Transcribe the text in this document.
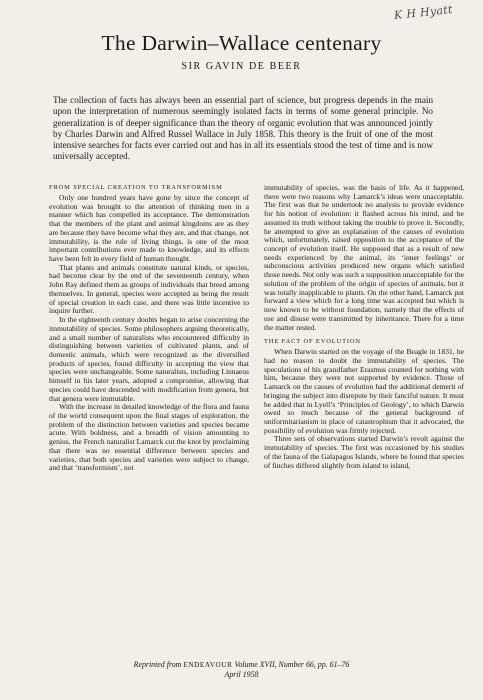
K H Hyatt
The Darwin–Wallace centenary
SIR GAVIN DE BEER

The collection of facts has always been an essential part of science, but progress depends in the main upon the interpretation of numerous seemingly isolated facts in terms of some general principle. No generalization is of deeper significance than the theory of organic evolution that was announced jointly by Charles Darwin and Alfred Russel Wallace in July 1858. This theory is the fruit of one of the most intensive searches for facts ever carried out and has in all its essentials stood the test of time and is now universally accepted.

FROM SPECIAL CREATION TO TRANSFORMISM

Only one hundred years have gone by since the concept of evolution was brought to the attention of thinking men in a manner which has compelled its acceptance. The demonstration that the members of the plant and animal kingdoms are as they are because they have become what they are, and that change, not immutability, is the rule of living things, is one of the most important contributions ever made to knowledge, and its effects have been felt in every field of human thought.

That plants and animals constitute natural kinds, or species, had become clear by the end of the seventeenth century, when John Ray defined them as groups of individuals that breed among themselves. In general, species were accepted as being the result of special creation in each case, and there was little incentive to inquire further.

In the eighteenth century doubts began to arise concerning the immutability of species. Some philosophers arguing theoretically, and a small number of naturalists who encountered difficulty in distinguishing between varieties of cultivated plants, and of domestic animals, which were recognized as the diversified products of species, found difficulty in accepting the view that species were unchangeable. Some naturalists, including Linnaeus himself in his later years, adopted a compromise, allowing that species could have descended with modification from genera, but that genera were immutable.

With the increase in detailed knowledge of the flora and fauna of the world consequent upon the final stages of exploration, the problem of the distinction between varieties and species became acute. With boldness, and a breadth of vision amounting to genius, the French naturalist Lamarck cut the knot by proclaiming that there was no essential difference between species and varieties, that both species and varieties were subject to change, and that ‘transformism’, not

immutability of species, was the basis of life. As it happened, there were two reasons why Lamarck’s ideas were unacceptable. The first was that he undertook no analysis to provide evidence for his notion of evolution: it flashed across his mind, and he assumed its truth without taking the trouble to prove it. Secondly, he attempted to give an explanation of the causes of evolution which, unfortunately, raised opposition to the acceptance of the concept of evolution itself. He supposed that as a result of new needs experienced by the animal, its ‘inner feelings’ or subconscious activities produced new organs which satisfied those needs. Not only was such a supposition unacceptable for the solution of the problem of the origin of species of animals, but it was totally inapplicable to plants. On the other hand, Lamarck put forward a view which for a long time was accepted but which is now known to be without foundation, namely that the effects of use and disuse were transmitted by inheritance. There for a time the matter rested.

THE FACT OF EVOLUTION

When Darwin started on the voyage of the Beagle in 1831, he had no reason to doubt the immutability of species. The speculations of his grandfather Erasmus counted for nothing with him, because they were not supported by evidence. Those of Lamarck on the causes of evolution had the additional demerit of bringing the subject into disrepute by their fanciful nature. It must be added that in Lyell’s ‘Principles of Geology’, to which Darwin owed so much because of the general background of uniformitarianism in place of catastrophism that it advocated, the possibility of evolution was firmly rejected.

Three sets of observations started Darwin’s revolt against the immutability of species. The first was occasioned by his studies of the fauna of the Galapagos Islands, where he found that species of finches differed slightly from island to island,

Reprinted from ENDEAVOUR Volume XVII, Number 66, pp. 61–76
April 1958
